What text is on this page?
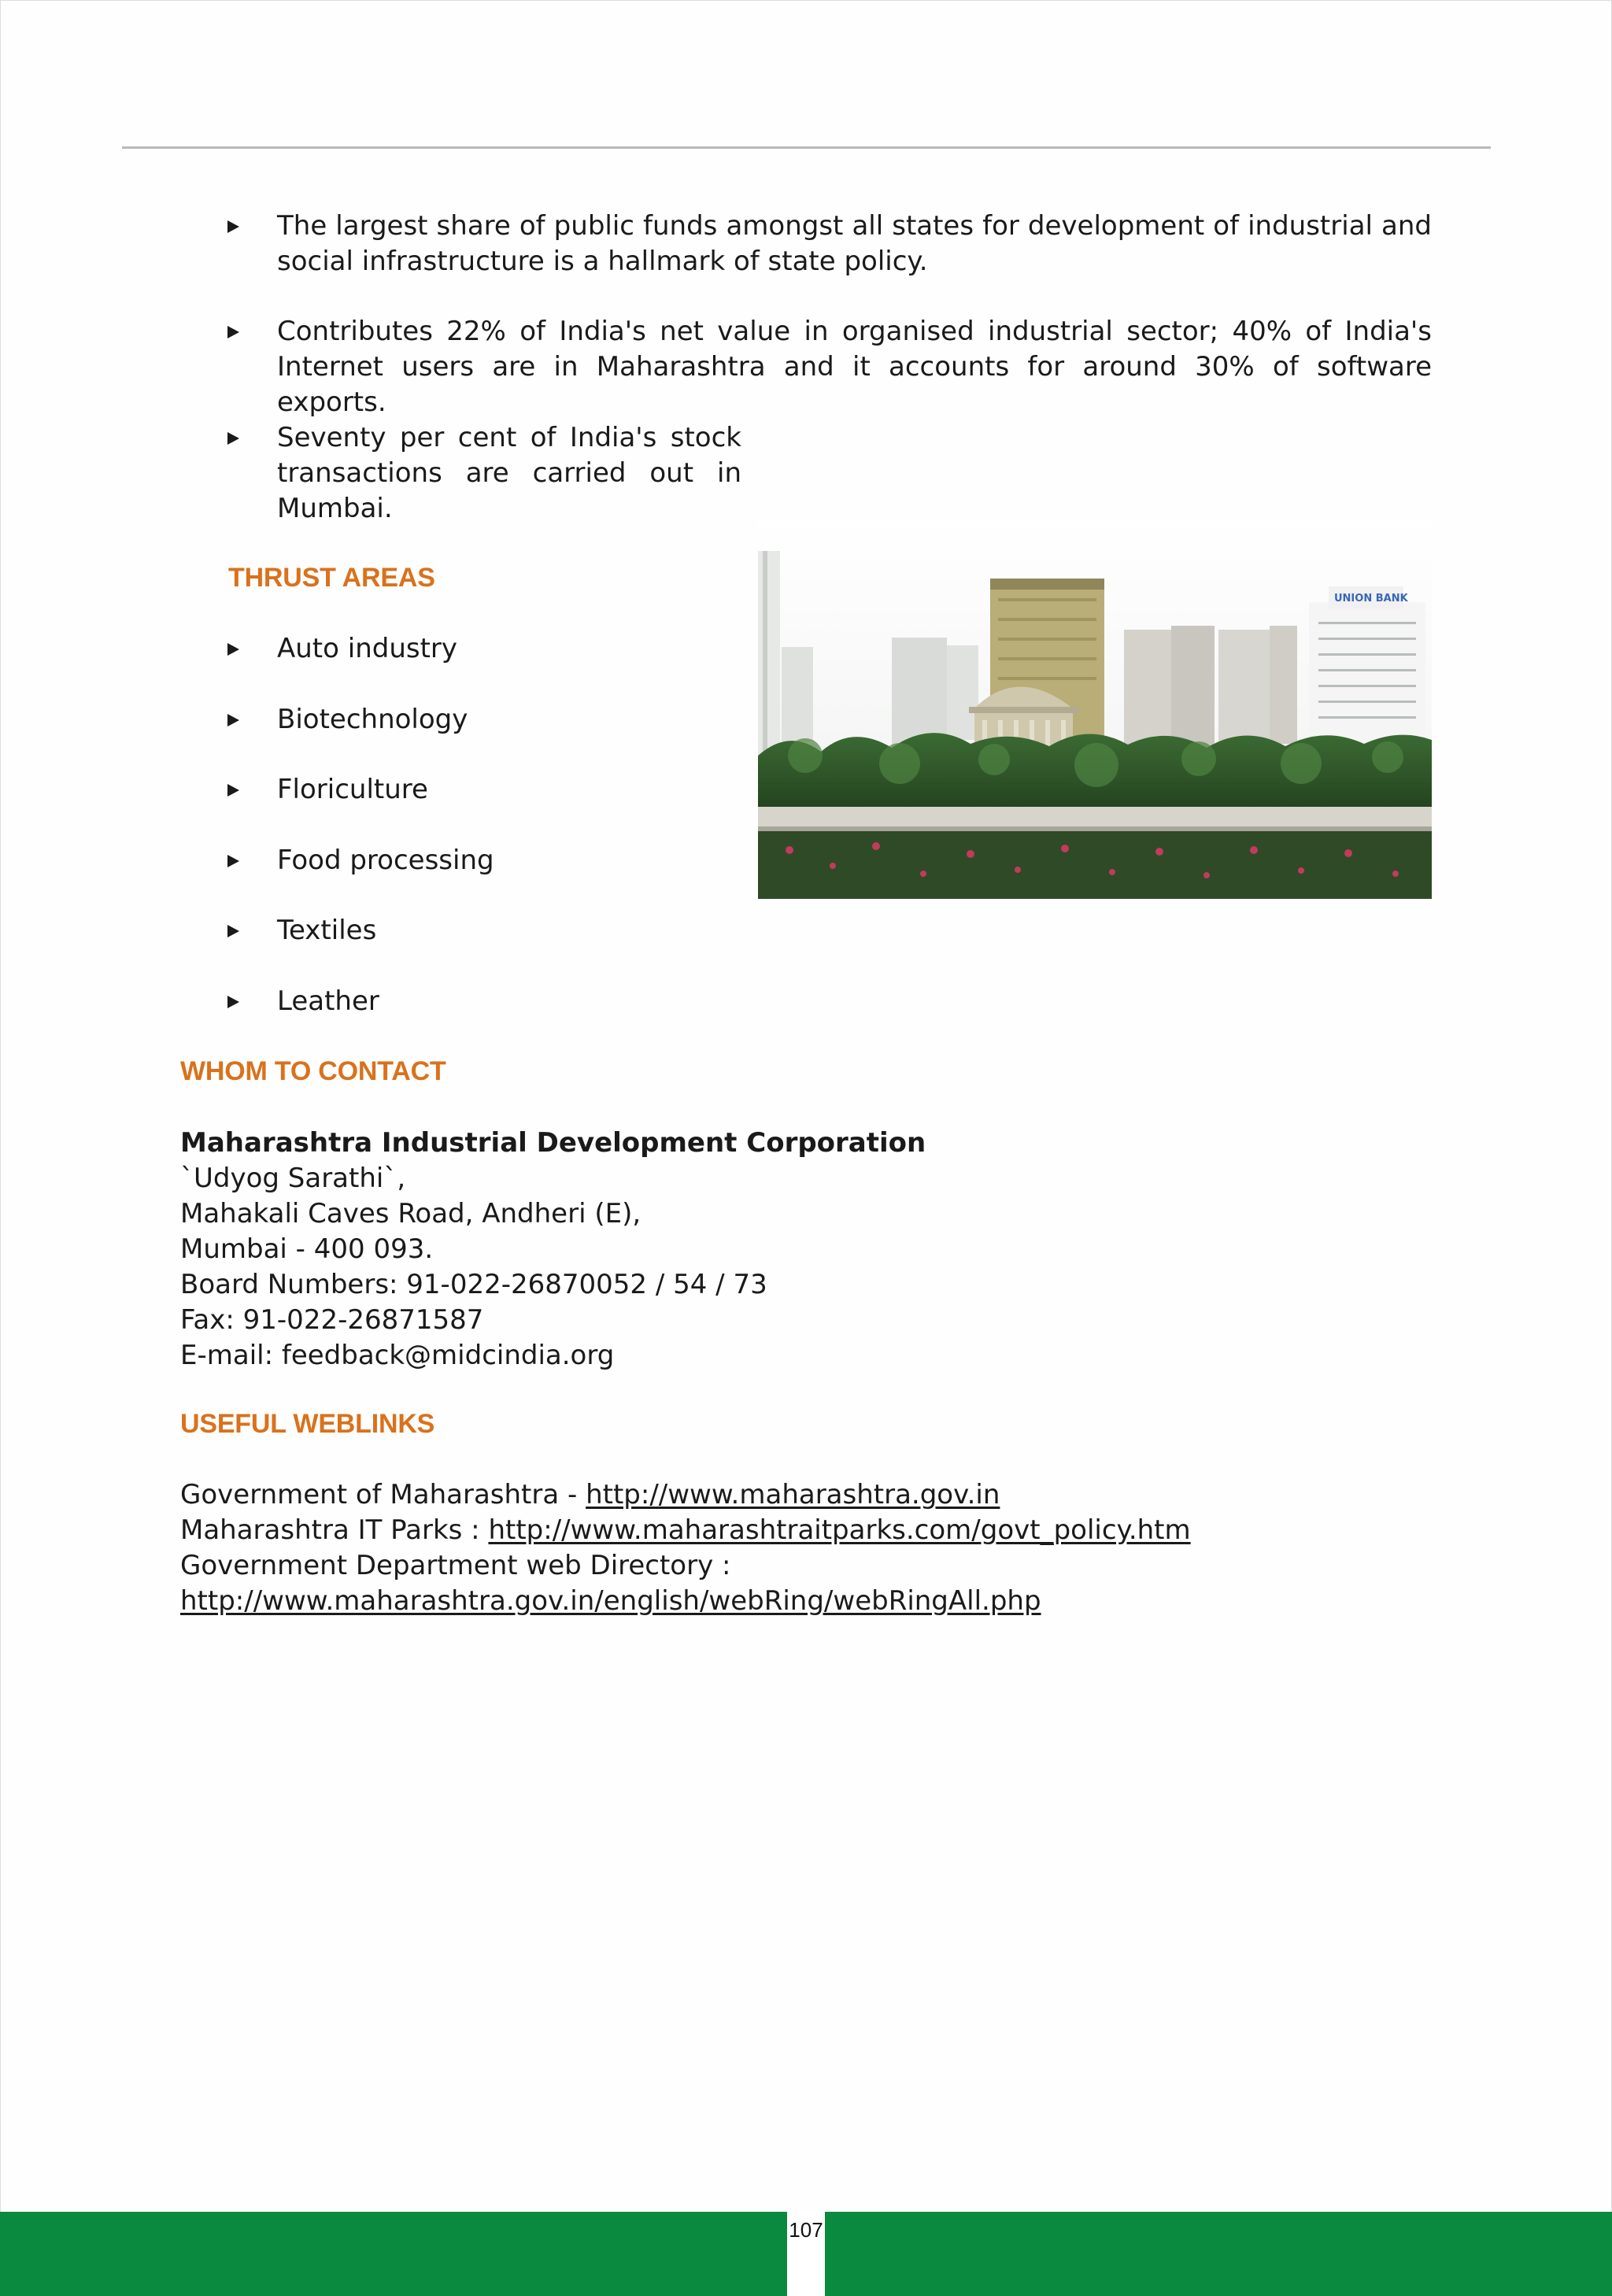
The largest share of public funds amongst all states for development of industrial and social infrastructure is a hallmark of state policy.
Contributes 22% of India's net value in organised industrial sector; 40% of India's Internet users are in Maharashtra and it accounts for around 30% of software exports.
Seventy per cent of India's stock transactions are carried out in Mumbai.
THRUST AREAS
Auto industry
Biotechnology
Floriculture
Food processing
Textiles
Leather
UNION BANK
WHOM TO CONTACT
Maharashtra Industrial Development Corporation
`Udyog Sarathi`,
Mahakali Caves Road, Andheri (E),
Mumbai - 400 093.
Board Numbers: 91-022-26870052 / 54 / 73
Fax: 91-022-26871587
E-mail: feedback@midcindia.org
USEFUL WEBLINKS
Government of Maharashtra - http://www.maharashtra.gov.in
Maharashtra IT Parks : http://www.maharashtraitparks.com/govt_policy.htm
Government Department web Directory :
http://www.maharashtra.gov.in/english/webRing/webRingAll.php
107
